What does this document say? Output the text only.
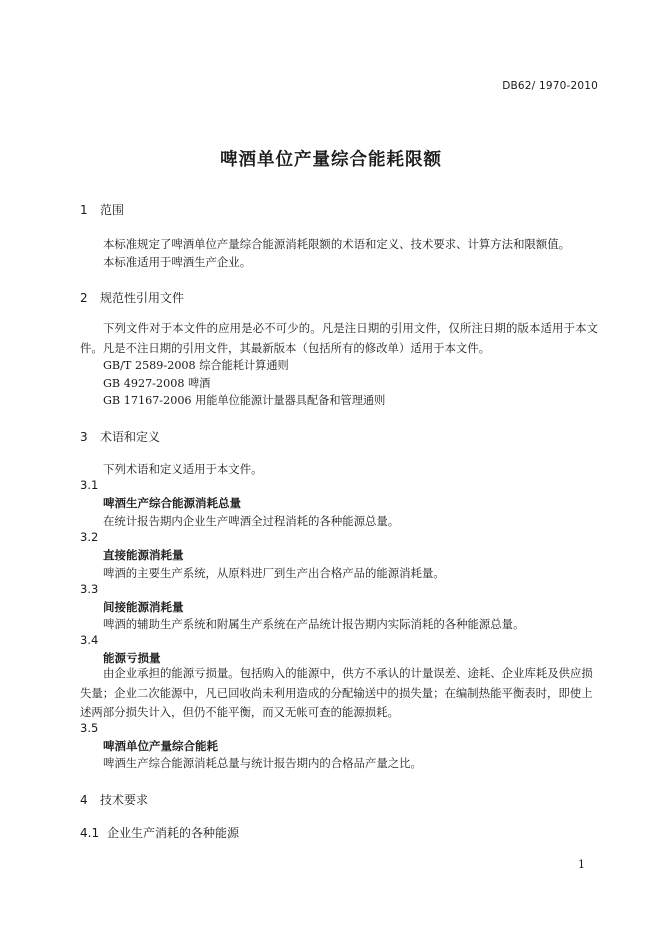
DB62/ 1970-2010
啤酒单位产量综合能耗限额
1 范围
本标准规定了啤酒单位产量综合能源消耗限额的术语和定义、技术要求、计算方法和限额值。
本标准适用于啤酒生产企业。
2 规范性引用文件
下列文件对于本文件的应用是必不可少的。凡是注日期的引用文件，仅所注日期的版本适用于本文件。凡是不注日期的引用文件，其最新版本（包括所有的修改单）适用于本文件。
GB/T 2589-2008 综合能耗计算通则
GB 4927-2008 啤酒
GB 17167-2006 用能单位能源计量器具配备和管理通则
3 术语和定义
下列术语和定义适用于本文件。
3.1
啤酒生产综合能源消耗总量
在统计报告期内企业生产啤酒全过程消耗的各种能源总量。
3.2
直接能源消耗量
啤酒的主要生产系统，从原料进厂到生产出合格产品的能源消耗量。
3.3
间接能源消耗量
啤酒的辅助生产系统和附属生产系统在产品统计报告期内实际消耗的各种能源总量。
3.4
能源亏损量
由企业承担的能源亏损量。包括购入的能源中，供方不承认的计量误差、途耗、企业库耗及供应损失量；企业二次能源中，凡已回收尚未利用造成的分配输送中的损失量；在编制热能平衡表时，即使上述两部分损失计入，但仍不能平衡，而又无帐可查的能源损耗。
3.5
啤酒单位产量综合能耗
啤酒生产综合能源消耗总量与统计报告期内的合格品产量之比。
4 技术要求
4.1 企业生产消耗的各种能源
1
